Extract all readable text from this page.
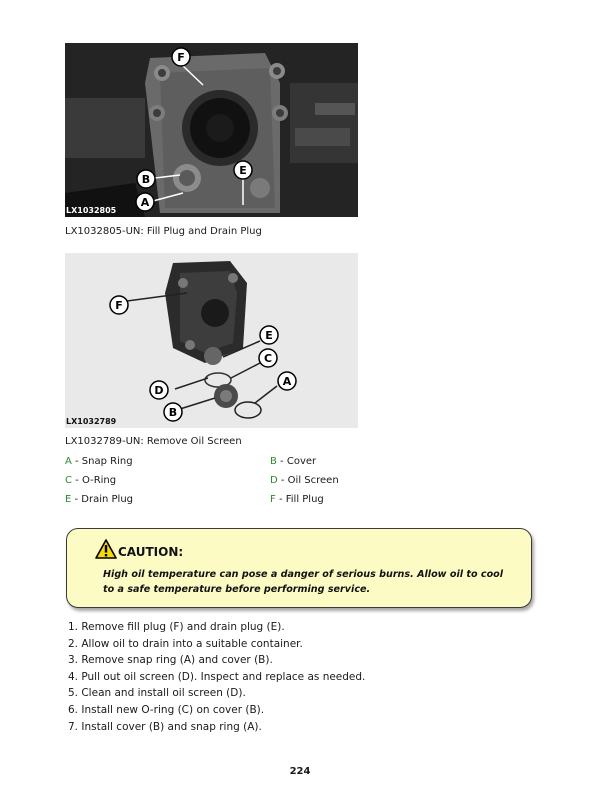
F
E
B
A
LX1032805
LX1032805-UN: Fill Plug and Drain Plug
F
E
C
A
D
B
LX1032789
LX1032789-UN: Remove Oil Screen
A - Snap Ring	B - Cover
C - O-Ring	D - Oil Screen
E - Drain Plug	F - Fill Plug
CAUTION:
High oil temperature can pose a danger of serious burns. Allow oil to cool to a safe temperature before performing service.
1. Remove fill plug (F) and drain plug (E).
2. Allow oil to drain into a suitable container.
3. Remove snap ring (A) and cover (B).
4. Pull out oil screen (D). Inspect and replace as needed.
5. Clean and install oil screen (D).
6. Install new O-ring (C) on cover (B).
7. Install cover (B) and snap ring (A).
224
